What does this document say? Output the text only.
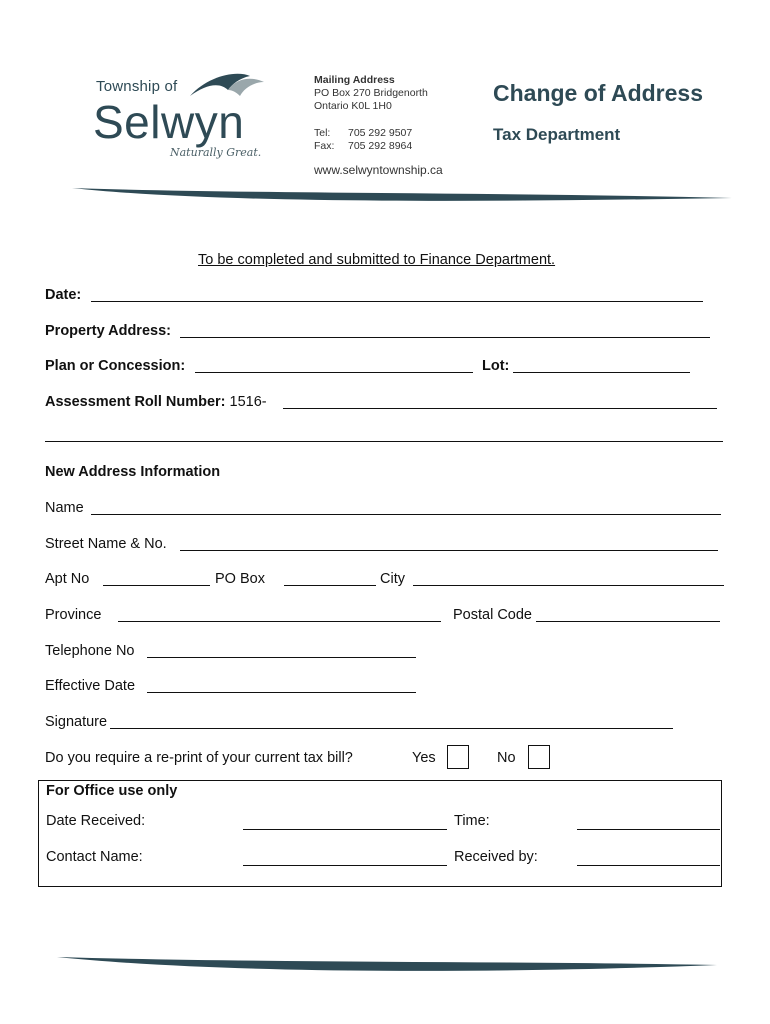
Township of
Selwyn
Naturally Great.
Mailing Address
PO Box 270 Bridgenorth
Ontario K0L 1H0
Tel: 705 292 9507
Fax: 705 292 8964
www.selwyntownship.ca
Change of Address
Tax Department
To be completed and submitted to Finance Department.
Date:
Property Address:
Plan or Concession:	Lot:
Assessment Roll Number: 1516-
New Address Information
Name
Street Name & No.
Apt No	PO Box	City
Province	Postal Code
Telephone No
Effective Date
Signature
Do you require a re-print of your current tax bill?	Yes	No
For Office use only
Date Received:	Time:
Contact Name:	Received by:
